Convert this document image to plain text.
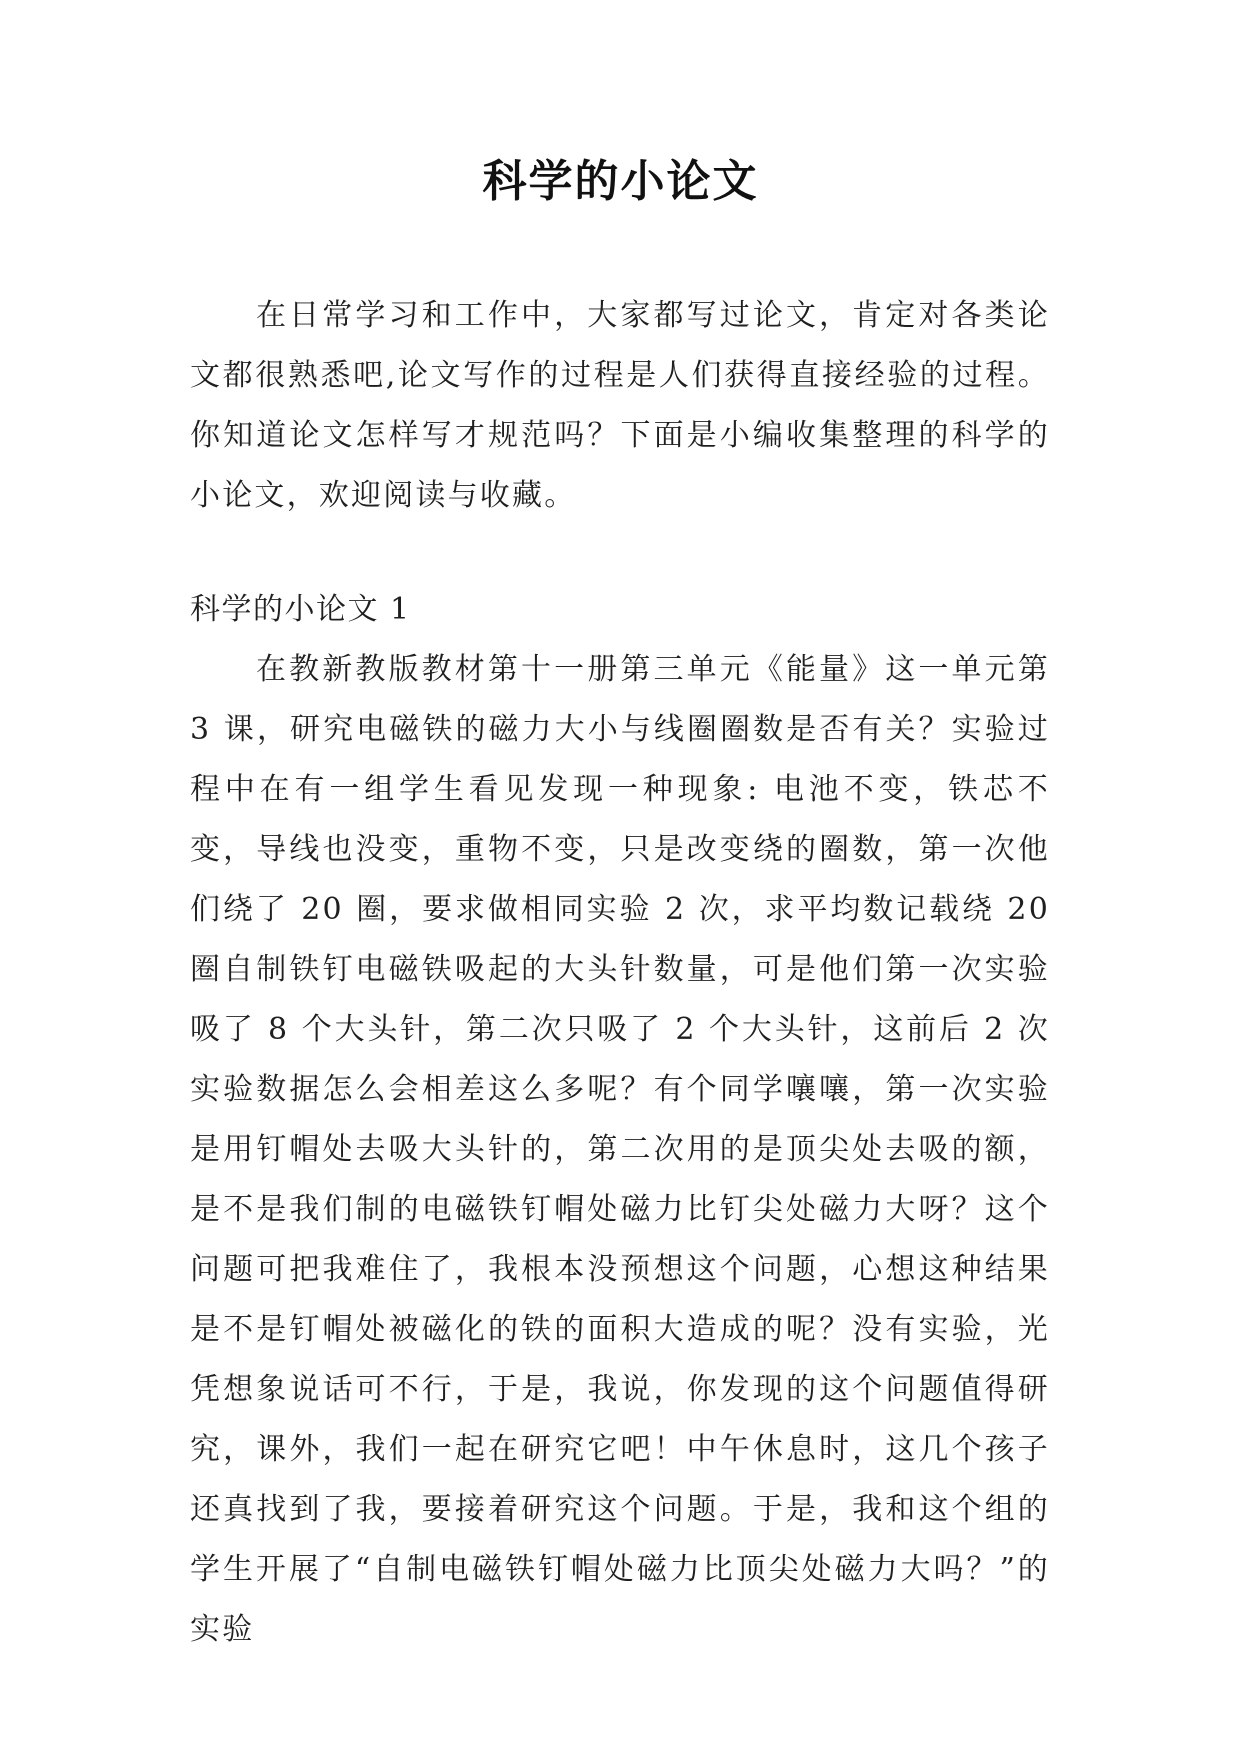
科学的小论文

在日常学习和工作中，大家都写过论文，肯定对各类论文都很熟悉吧,论文写作的过程是人们获得直接经验的过程。你知道论文怎样写才规范吗？下面是小编收集整理的科学的小论文，欢迎阅读与收藏。

科学的小论文 1

在教新教版教材第十一册第三单元《能量》这一单元第 3 课，研究电磁铁的磁力大小与线圈圈数是否有关？实验过程中在有一组学生看见发现一种现象: 电池不变，铁芯不变，导线也没变，重物不变，只是改变绕的圈数，第一次他们绕了 20 圈，要求做相同实验 2 次，求平均数记载绕 20 圈自制铁钉电磁铁吸起的大头针数量，可是他们第一次实验吸了 8 个大头针，第二次只吸了 2 个大头针，这前后 2 次实验数据怎么会相差这么多呢？有个同学嚷嚷，第一次实验是用钉帽处去吸大头针的，第二次用的是顶尖处去吸的额，是不是我们制的电磁铁钉帽处磁力比钉尖处磁力大呀？这个问题可把我难住了，我根本没预想这个问题，心想这种结果是不是钉帽处被磁化的铁的面积大造成的呢？没有实验，光凭想象说话可不行，于是，我说，你发现的这个问题值得研究，课外，我们一起在研究它吧！中午休息时，这几个孩子还真找到了我，要接着研究这个问题。于是，我和这个组的学生开展了“自制电磁铁钉帽处磁力比顶尖处磁力大吗？”的实验
